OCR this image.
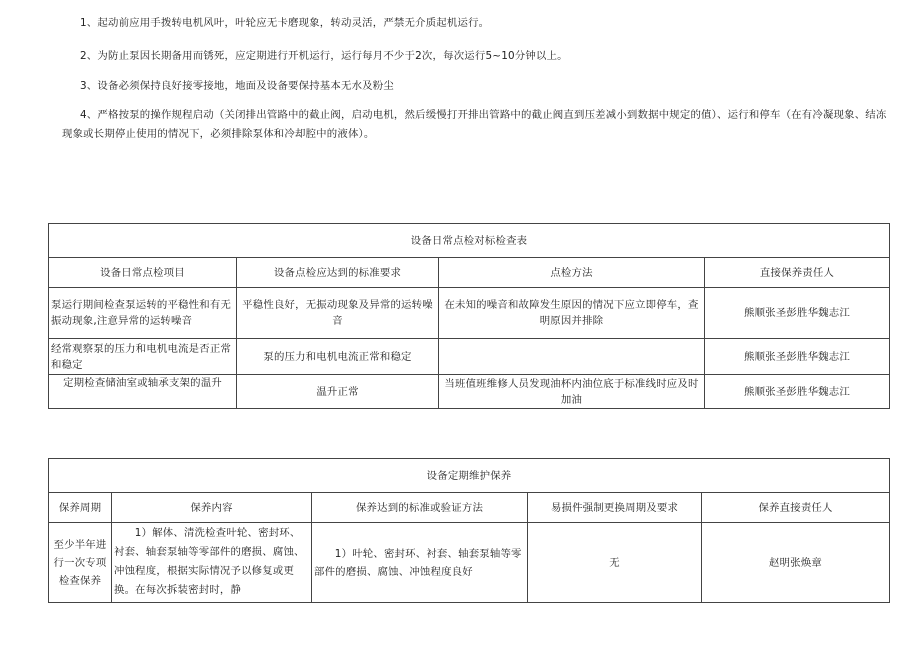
1、起动前应用手拨转电机风叶，叶轮应无卡磨现象，转动灵活，严禁无介质起机运行。
2、为防止泵因长期备用而锈死，应定期进行开机运行，运行每月不少于2次，每次运行5~10分钟以上。
3、设备必须保持良好接零接地，地面及设备要保持基本无水及粉尘
4、严格按泵的操作规程启动（关闭排出管路中的截止阀，启动电机，然后缓慢打开排出管路中的截止阀直到压差减小到数据中规定的值）、运行和停车（在有冷凝现象、结冻现象或长期停止使用的情况下，必须排除泵体和冷却腔中的液体）。
设备日常点检对标检查表			
设备日常点检项目	设备点检应达到的标准要求	点检方法	直接保养责任人
泵运行期间检查泵运转的平稳性和有无振动现象,注意异常的运转噪音	平稳性良好，无振动现象及异常的运转噪音	在未知的噪音和故障发生原因的情况下应立即停车，查明原因并排除	熊顺张圣彭胜华魏志江
经常观察泵的压力和电机电流是否正常和稳定	泵的压力和电机电流正常和稳定		熊顺张圣彭胜华魏志江
定期检查储油室或轴承支架的温升	温升正常	当班值班维修人员发现油杯内油位底于标准线时应及时加油	熊顺张圣彭胜华魏志江
设备定期维护保养				
保养周期	保养内容	保养达到的标准或验证方法	易损件强制更换周期及要求	保养直接责任人
至少半年进行一次专项检查保养	1）解体、清洗检查叶轮、密封环、衬套、轴套泵轴等零部件的磨损、腐蚀、冲蚀程度，根据实际情况予以修复或更换。在每次拆装密封时，静	1）叶轮、密封环、衬套、轴套泵轴等零部件的磨损、腐蚀、冲蚀程度良好	无	赵明张焕章
